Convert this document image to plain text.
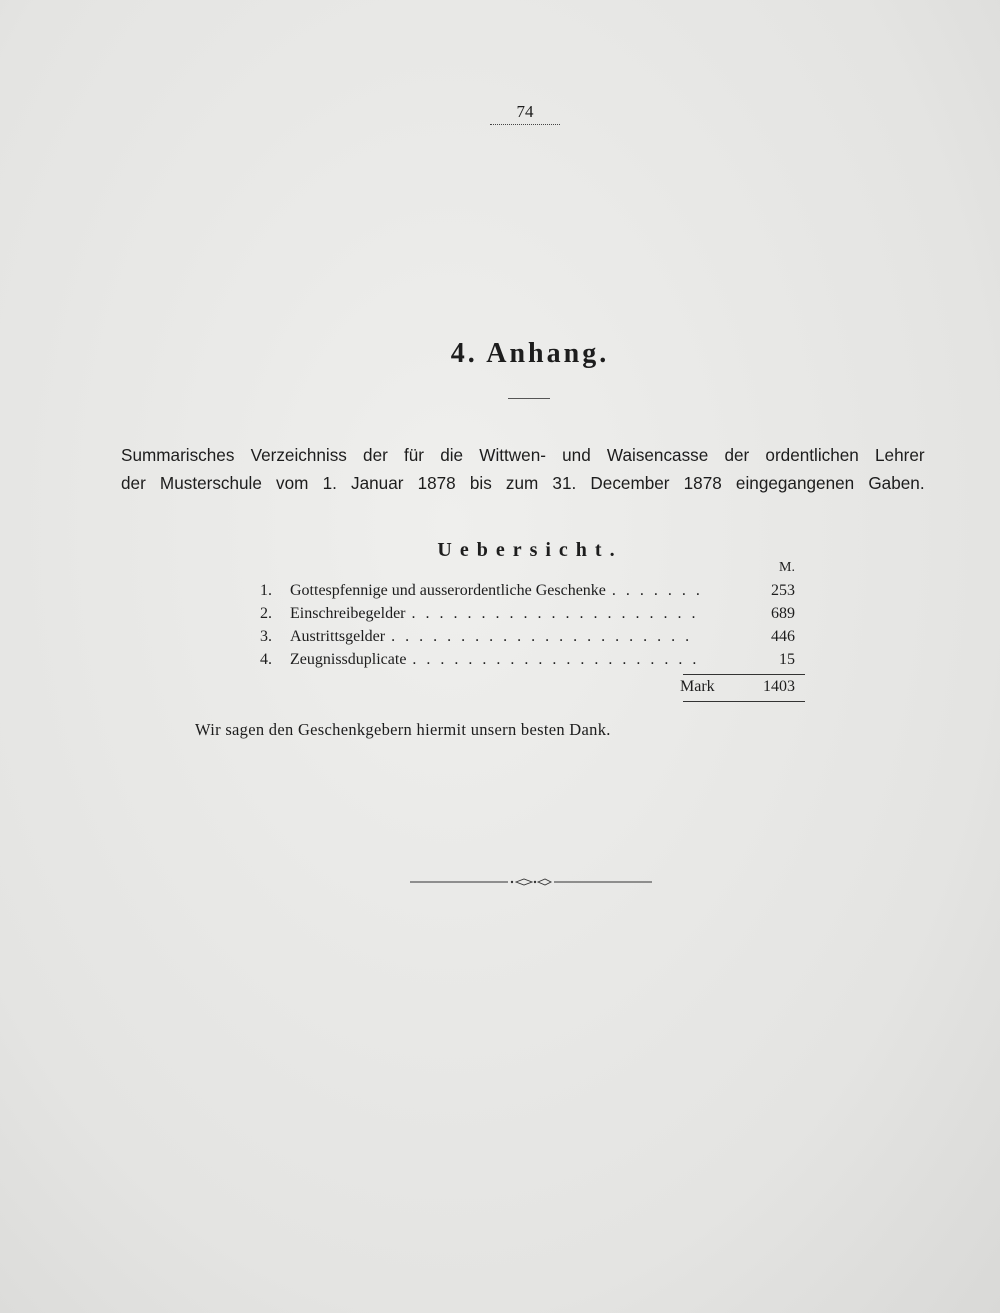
74
4. Anhang.
Summarisches Verzeichniss der für die Wittwen- und Waisencasse der ordentlichen Lehrer
der Musterschule vom 1. Januar 1878 bis zum 31. December 1878 eingegangenen Gaben.
Uebersicht.
M.
1.	Gottespfennige und ausserordentliche Geschenke . . . . . . .	253
2.	Einschreibegelder . . . . . . . . . . . . . . . . . . . . .	689
3.	Austrittsgelder . . . . . . . . . . . . . . . . . . . . . .	446
4.	Zeugnissduplicate . . . . . . . . . . . . . . . . . . . . .	15
Mark	1403
Wir sagen den Geschenkgebern hiermit unsern besten Dank.
